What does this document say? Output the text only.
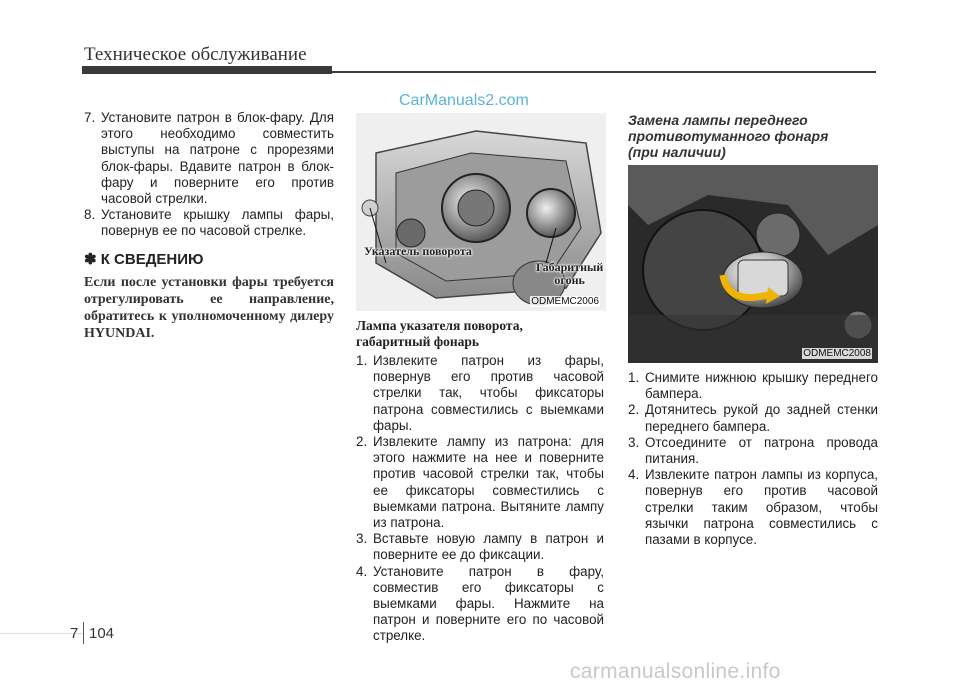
Техническое обслуживание
CarManuals2.com
7. Установите патрон в блок-фару. Для этого необходимо совместить выступы на патроне с прорезями блок-фары. Вдавите патрон в блок-фару и поверните его против часовой стрелки.
8. Установите крышку лампы фары, повернув ее по часовой стрелке.
✽ К СВЕДЕНИЮ
Если после установки фары требуется отрегулировать ее направление, обратитесь к уполномоченному дилеру HYUNDAI.
Указатель поворота
Габаритный
огонь
ODMEMC2006
Лампа указателя поворота,
габаритный фонарь
1. Извлеките патрон из фары, повернув его против часовой стрелки так, чтобы фиксаторы патрона совместились с выемками фары.
2. Извлеките лампу из патрона: для этого нажмите на нее и поверните против часовой стрелки так, чтобы ее фиксаторы совместились с выемками патрона. Вытяните лампу из патрона.
3. Вставьте новую лампу в патрон и поверните ее до фиксации.
4. Установите патрон в фару, совместив его фиксаторы с выемками фары. Нажмите на патрон и поверните его по часовой стрелке.
Замена лампы переднего
противотуманного фонаря
(при наличии)
ODMEMC2008
1. Снимите нижнюю крышку переднего бампера.
2. Дотянитесь рукой до задней стенки переднего бампера.
3. Отсоедините от патрона провода питания.
4. Извлеките патрон лампы из корпуса, повернув его против часовой стрелки таким образом, чтобы язычки патрона совместились с пазами в корпусе.
7 104
carmanualsonline.info
